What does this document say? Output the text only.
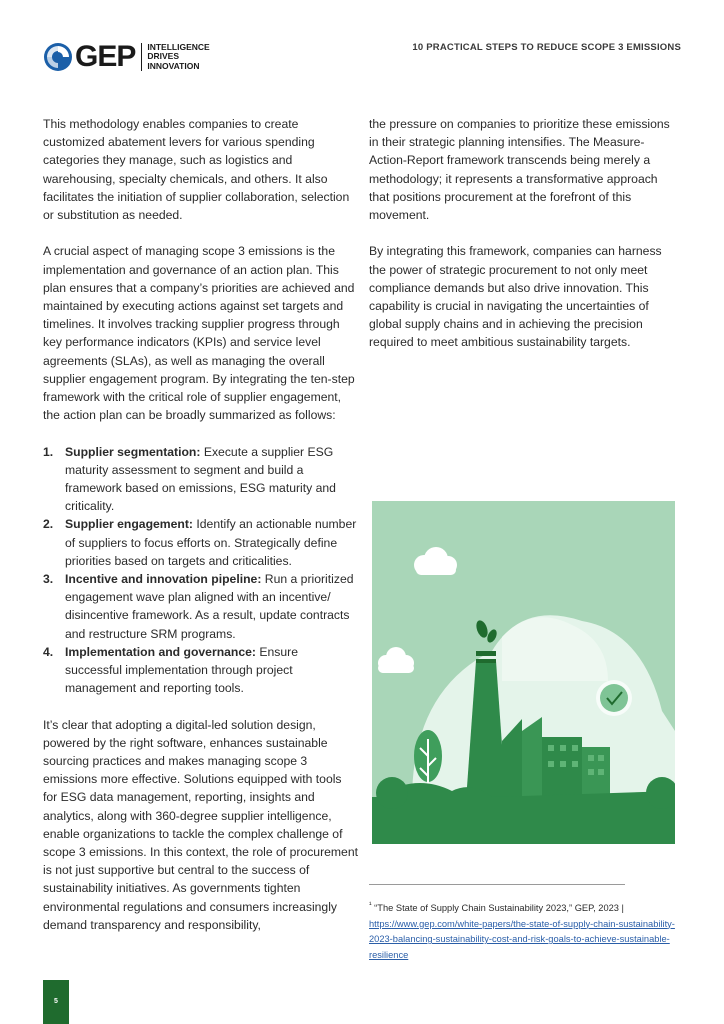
GEP INTELLIGENCE
DRIVES
INNOVATION
10 PRACTICAL STEPS TO REDUCE SCOPE 3 EMISSIONS

This methodology enables companies to create customized abatement levers for various spending categories they manage, such as logistics and warehousing, specialty chemicals, and others. It also facilitates the initiation of supplier collaboration, selection or substitution as needed.

A crucial aspect of managing scope 3 emissions is the implementation and governance of an action plan. This plan ensures that a company’s priorities are achieved and maintained by executing actions against set targets and timelines. It involves tracking supplier progress through key performance indicators (KPIs) and service level agreements (SLAs), as well as managing the overall supplier engagement program. By integrating the ten-step framework with the critical role of supplier engagement, the action plan can be broadly summarized as follows:

1. Supplier segmentation: Execute a supplier ESG maturity assessment to segment and build a framework based on emissions, ESG maturity and criticality.
2. Supplier engagement: Identify an actionable number of suppliers to focus efforts on. Strategically define priorities based on targets and criticalities.
3. Incentive and innovation pipeline: Run a prioritized engagement wave plan aligned with an incentive/ disincentive framework. As a result, update contracts and restructure SRM programs.
4. Implementation and governance: Ensure successful implementation through project management and reporting tools.

It’s clear that adopting a digital-led solution design, powered by the right software, enhances sustainable sourcing practices and makes managing scope 3 emissions more effective. Solutions equipped with tools for ESG data management, reporting, insights and analytics, along with 360-degree supplier intelligence, enable organizations to tackle the complex challenge of scope 3 emissions. In this context, the role of procurement is not just supportive but central to the success of sustainability initiatives. As governments tighten environmental regulations and consumers increasingly demand transparency and responsibility,

the pressure on companies to prioritize these emissions in their strategic planning intensifies. The Measure-Action-Report framework transcends being merely a methodology; it represents a transformative approach that positions procurement at the forefront of this movement.

By integrating this framework, companies can harness the power of strategic procurement to not only meet compliance demands but also drive innovation. This capability is crucial in navigating the uncertainties of global supply chains and in achieving the precision required to meet ambitious sustainability targets.

$^{^1}$ “The State of Supply Chain Sustainability 2023,” GEP, 2023 | https://www.gep.com/white-papers/the-state-of-supply-chain-sustainability-2023-balancing-sustainability-cost-and-risk-goals-to-achieve-sustainable-resilience
5
